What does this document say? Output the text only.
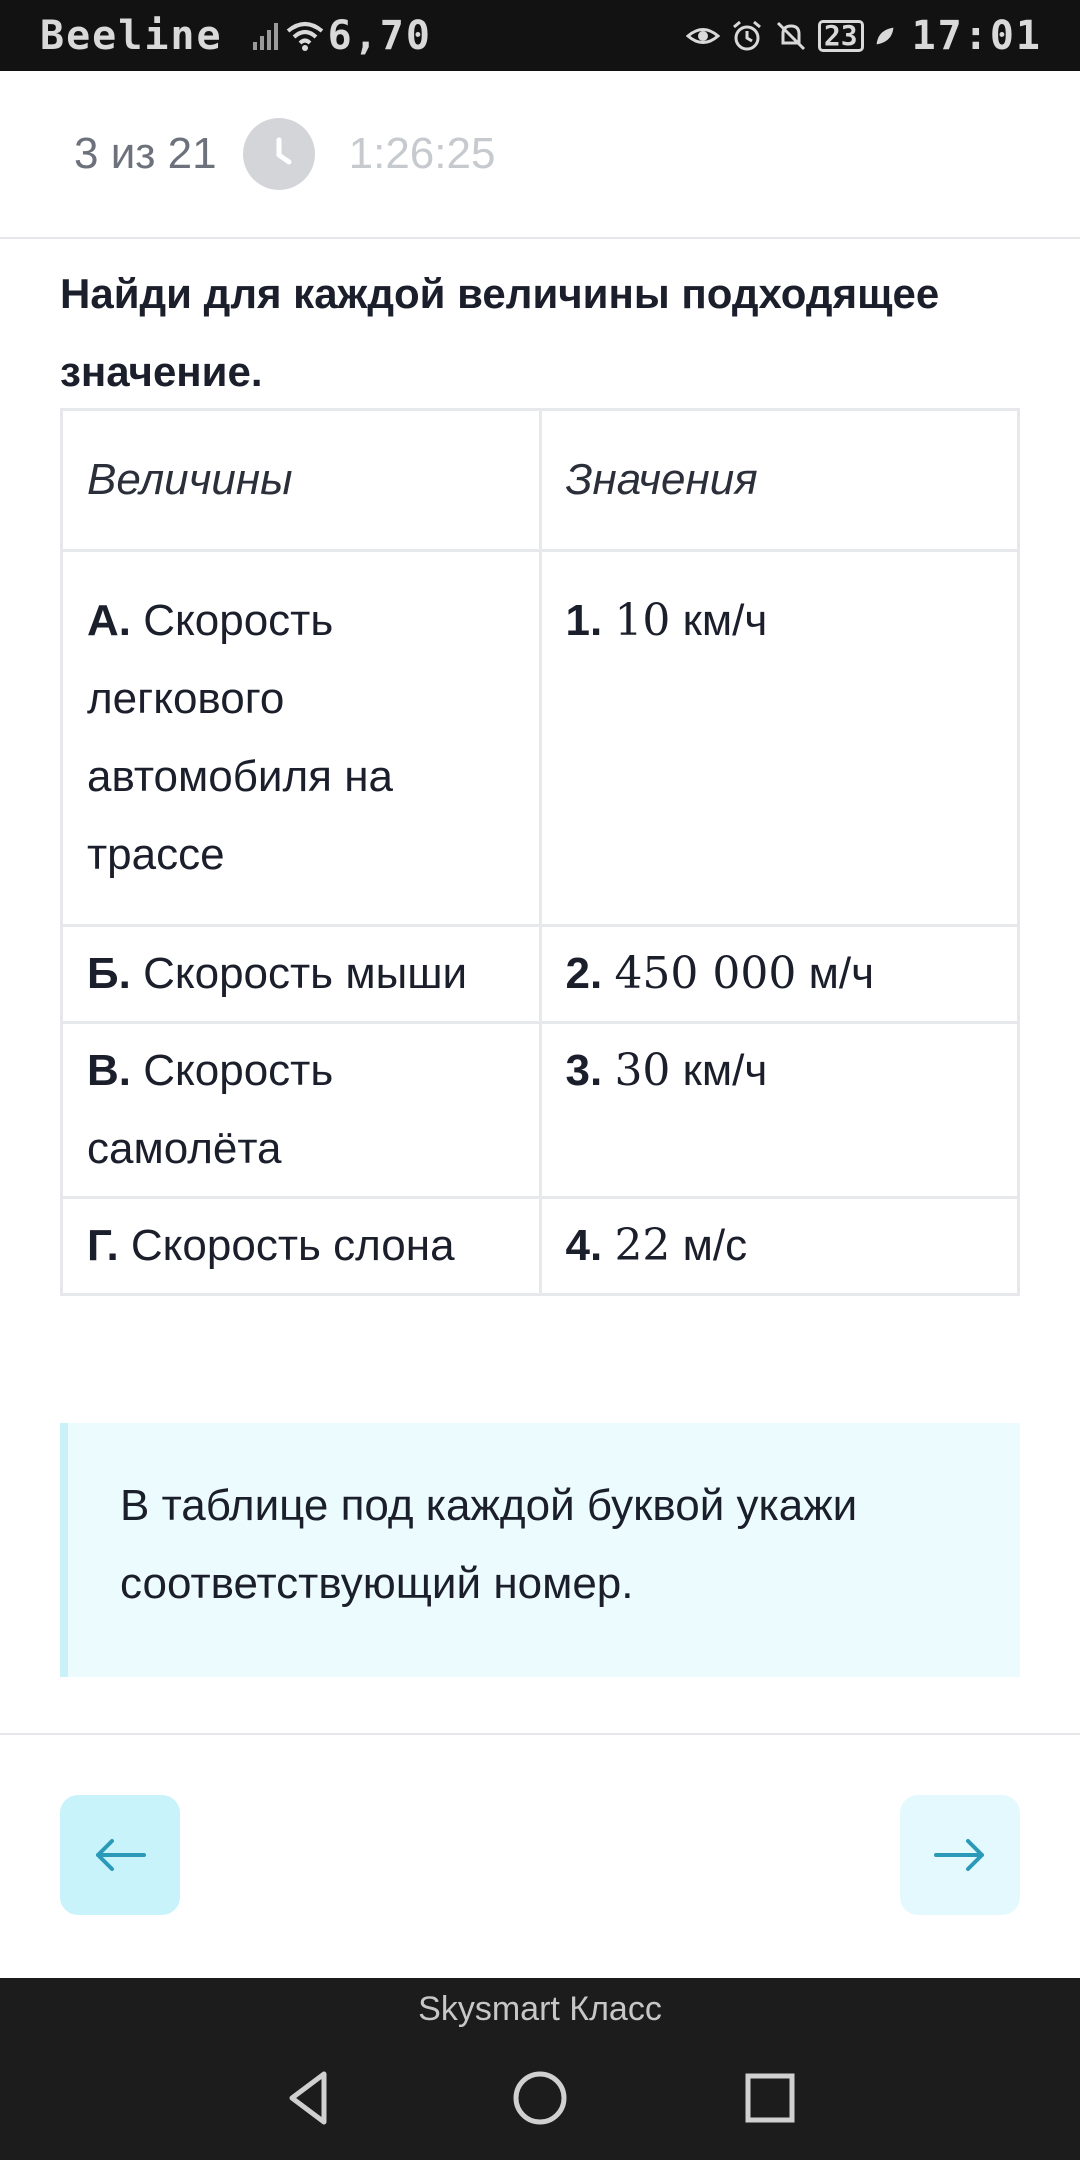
Beeline	6,70	23 17:01
3 из 21	1:26:25
Найди для каждой величины подходящее значение.
Величины	Значения
А. Скорость легкового автомобиля на трассе	1. 10 км/ч
Б. Скорость мыши	2. 450 000 м/ч
В. Скорость самолёта	3. 30 км/ч
Г. Скорость слона	4. 22 м/с
В таблице под каждой буквой укажи соответствующий номер.
Skysmart Класс
